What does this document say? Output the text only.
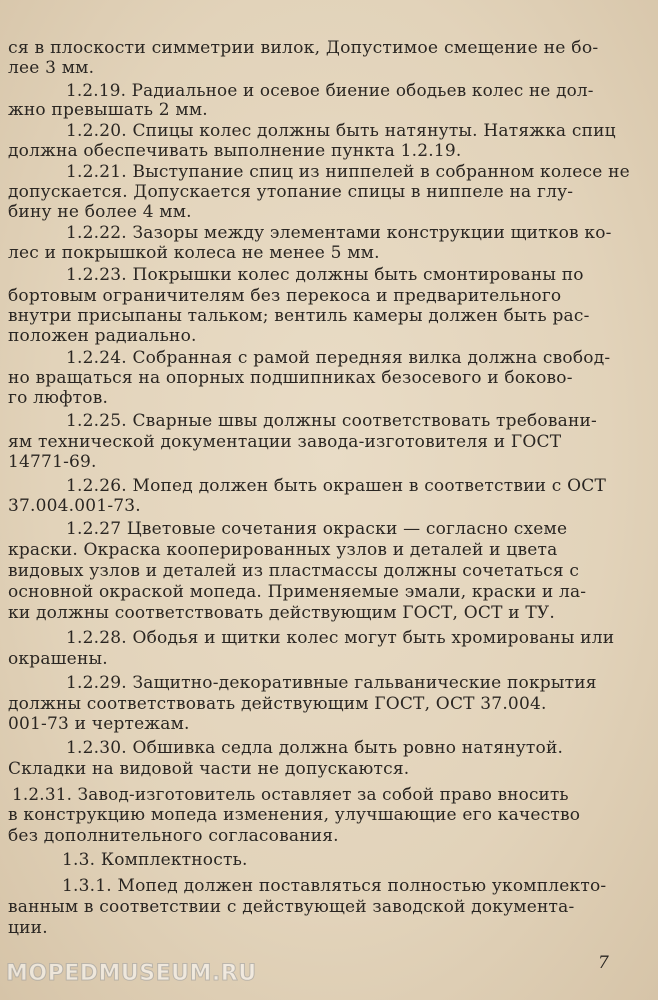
ся в плоскости симметрии вилок, Допустимое смещение не бо-

лее 3 мм.

1.2.19. Радиальное и осевое биение ободьев колес не дол-

жно превышать 2 мм.

1.2.20. Спицы колес должны быть натянуты. Натяжка спиц

должна обеспечивать выполнение пункта 1.2.19.

1.2.21. Выступание спиц из ниппелей в собранном колесе не

допускается. Допускается утопание спицы в ниппеле на глу-

бину не более 4 мм.

1.2.22. Зазоры между элементами конструкции щитков ко-

лес и покрышкой колеса не менее 5 мм.

1.2.23. Покрышки колес должны быть смонтированы по

бортовым ограничителям без перекоса и предварительного

внутри присыпаны тальком; вентиль камеры должен быть рас-

положен радиально.

1.2.24. Собранная с рамой передняя вилка должна свобод-

но вращаться на опорных подшипниках безосевого и боково-

го люфтов.

1.2.25. Сварные швы должны соответствовать требовани-

ям технической документации завода-изготовителя и ГОСТ

14771-69.

1.2.26. Мопед должен быть окрашен в соответствии с ОСТ

37.004.001-73.

1.2.27 Цветовые сочетания окраски — согласно схеме

краски. Окраска кооперированных узлов и деталей и цвета

видовых узлов и деталей из пластмассы должны сочетаться с

основной окраской мопеда. Применяемые эмали, краски и ла-

ки должны соответствовать действующим ГОСТ, ОСТ и ТУ.

1.2.28. Ободья и щитки колес могут быть хромированы или

окрашены.

1.2.29. Защитно-декоративные гальванические покрытия

должны соответствовать действующим ГОСТ, ОСТ 37.004.

001-73 и чертежам.

1.2.30. Обшивка седла должна быть ровно натянутой.

Складки на видовой части не допускаются.

1.2.31. Завод-изготовитель оставляет за собой право вносить

в конструкцию мопеда изменения, улучшающие его качество

без дополнительного согласования.

1.3. Комплектность.

1.3.1. Мопед должен поставляться полностью укомплекто-

ванным в соответствии с действующей заводской документа-

ции.

7
MOPEDMUSEUM.RU
